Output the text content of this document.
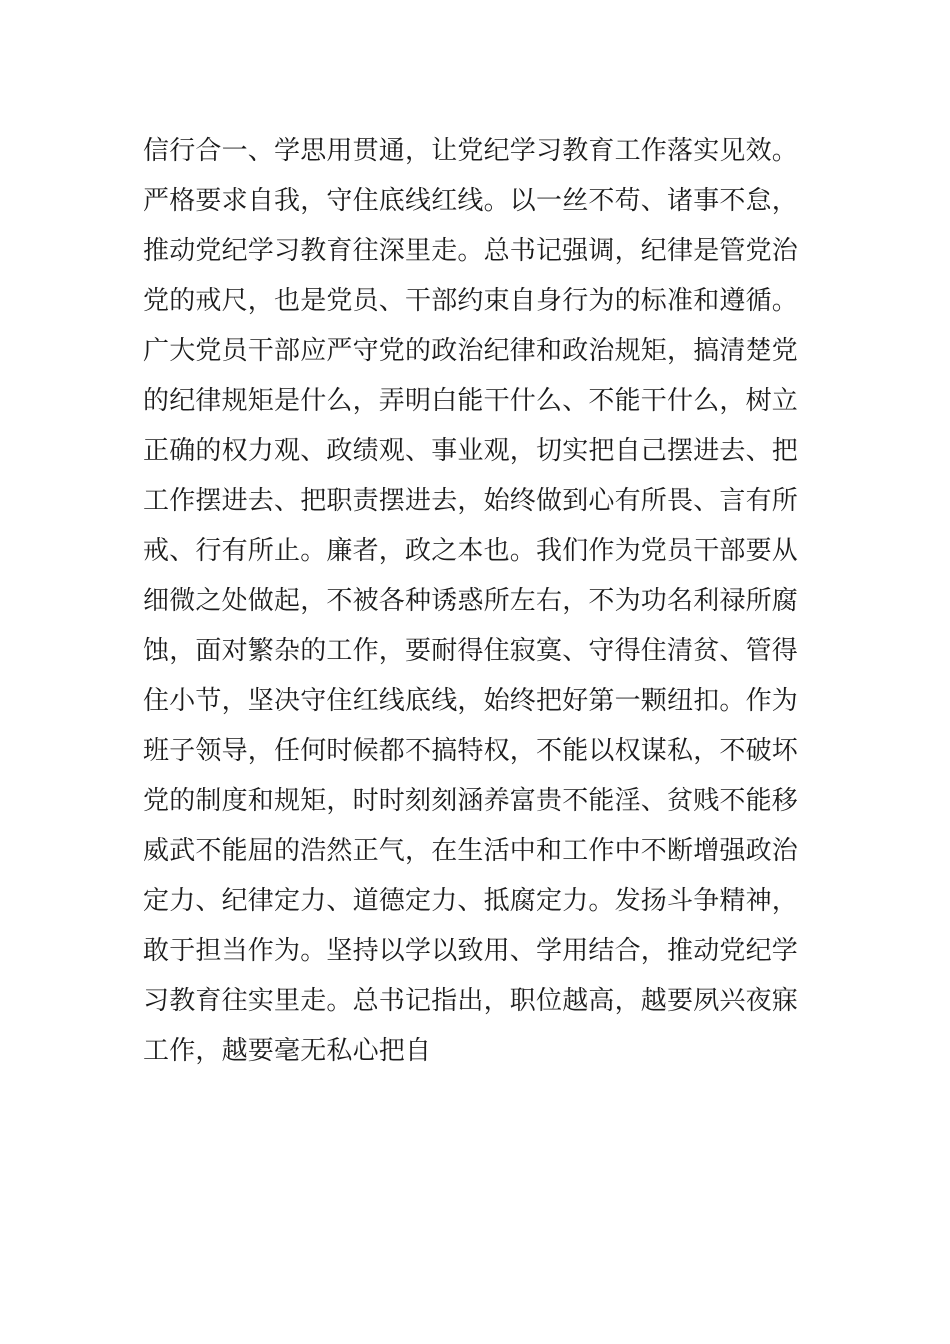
信行合一、学思用贯通，让党纪学习教育工作落实见效。
严格要求自我，守住底线红线。以一丝不苟、诸事不怠，
推动党纪学习教育往深里走。总书记强调，纪律是管党治
党的戒尺，也是党员、干部约束自身行为的标准和遵循。
广大党员干部应严守党的政治纪律和政治规矩，搞清楚党
的纪律规矩是什么，弄明白能干什么、不能干什么，树立
正确的权力观、政绩观、事业观，切实把自己摆进去、把
工作摆进去、把职责摆进去，始终做到心有所畏、言有所
戒、行有所止。廉者，政之本也。我们作为党员干部要从
细微之处做起，不被各种诱惑所左右，不为功名利禄所腐
蚀，面对繁杂的工作，要耐得住寂寞、守得住清贫、管得
住小节，坚决守住红线底线，始终把好第一颗纽扣。作为
班子领导，任何时候都不搞特权，不能以权谋私，不破坏
党的制度和规矩，时时刻刻涵养富贵不能淫、贫贱不能移
威武不能屈的浩然正气，在生活中和工作中不断增强政治
定力、纪律定力、道德定力、抵腐定力。发扬斗争精神，
敢于担当作为。坚持以学以致用、学用结合，推动党纪学
习教育往实里走。总书记指出，职位越高，越要夙兴夜寐
工作，越要毫无私心把自
